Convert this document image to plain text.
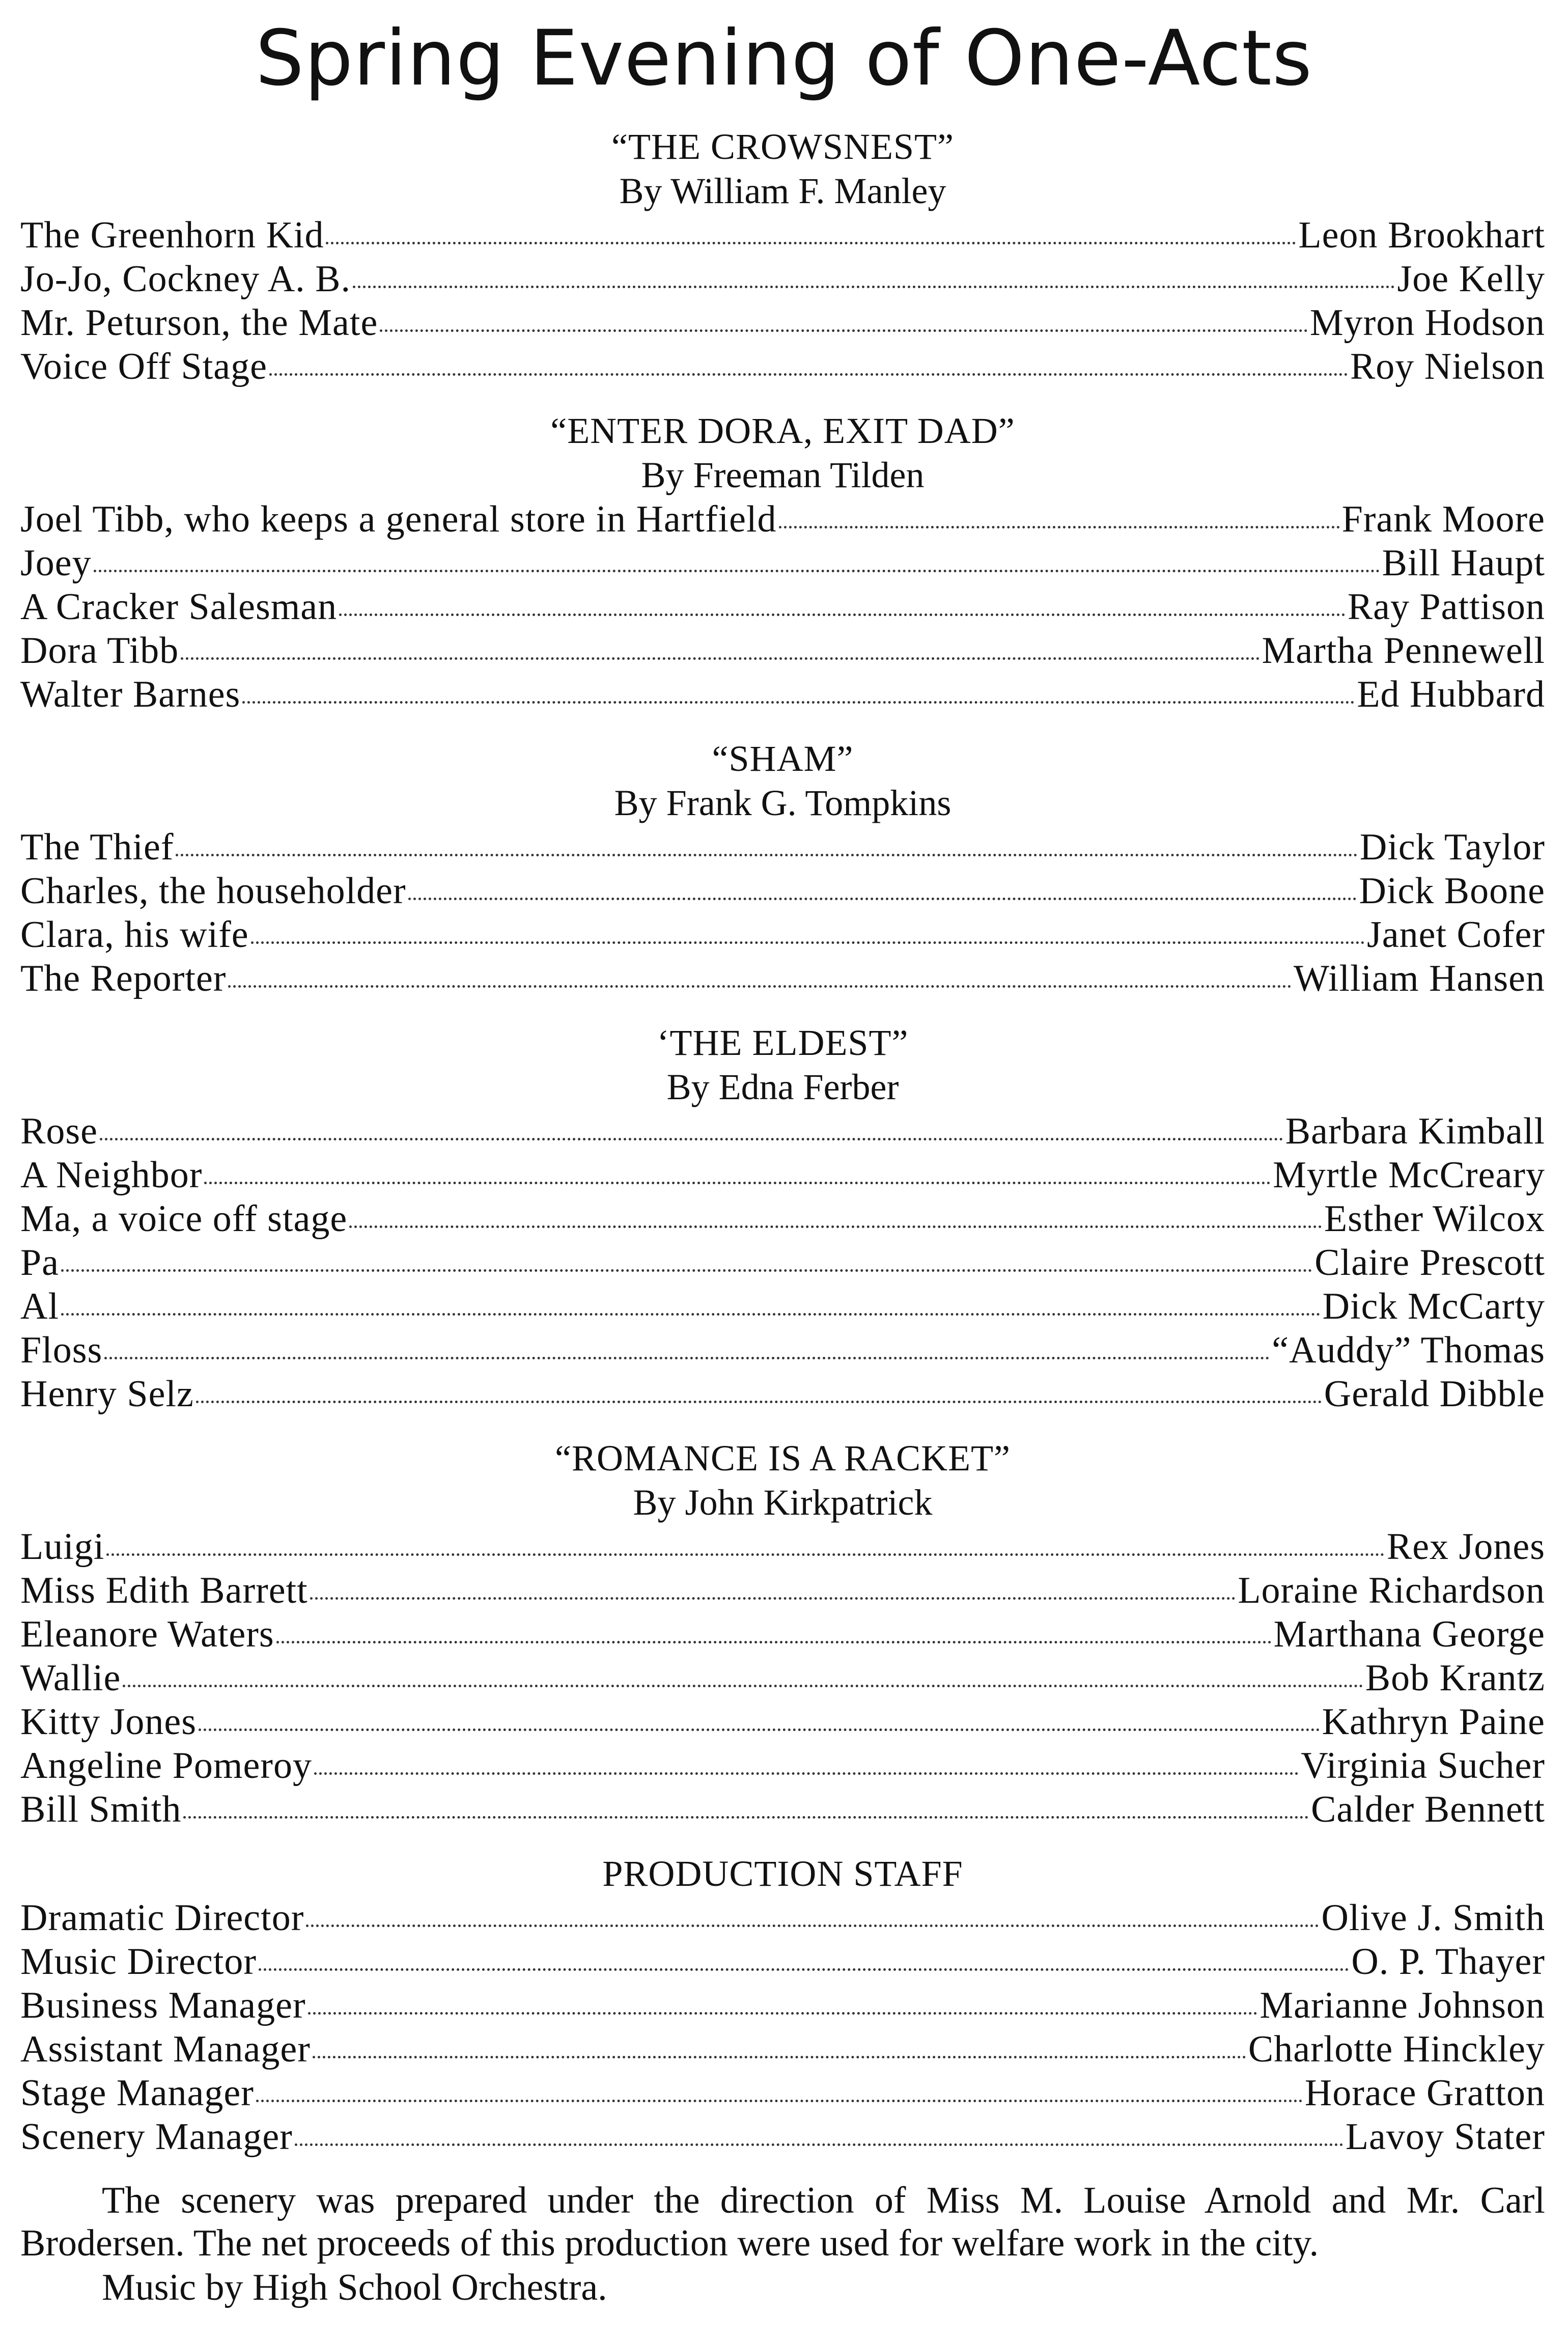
Spring Evening of One-Acts
“THE CROWSNEST”
By William F. Manley
The Greenhorn Kid	Leon Brookhart
Jo-Jo, Cockney A. B.	Joe Kelly
Mr. Peturson, the Mate	Myron Hodson
Voice Off Stage	Roy Nielson
“ENTER DORA, EXIT DAD”
By Freeman Tilden
Joel Tibb, who keeps a general store in Hartfield	Frank Moore
Joey	Bill Haupt
A Cracker Salesman	Ray Pattison
Dora Tibb	Martha Pennewell
Walter Barnes	Ed Hubbard
“SHAM”
By Frank G. Tompkins
The Thief	Dick Taylor
Charles, the householder	Dick Boone
Clara, his wife	Janet Cofer
The Reporter	William Hansen
‘THE ELDEST”
By Edna Ferber
Rose	Barbara Kimball
A Neighbor	Myrtle McCreary
Ma, a voice off stage	Esther Wilcox
Pa	Claire Prescott
Al	Dick McCarty
Floss	“Auddy” Thomas
Henry Selz	Gerald Dibble
“ROMANCE IS A RACKET”
By John Kirkpatrick
Luigi	Rex Jones
Miss Edith Barrett	Loraine Richardson
Eleanore Waters	Marthana George
Wallie	Bob Krantz
Kitty Jones	Kathryn Paine
Angeline Pomeroy	Virginia Sucher
Bill Smith	Calder Bennett
PRODUCTION STAFF
Dramatic Director	Olive J. Smith
Music Director	O. P. Thayer
Business Manager	Marianne Johnson
Assistant Manager	Charlotte Hinckley
Stage Manager	Horace Gratton
Scenery Manager	Lavoy Stater
The scenery was prepared under the direction of Miss M. Louise Arnold and Mr. Carl Brodersen. The net proceeds of this production were used for welfare work in the city.
Music by High School Orchestra.
